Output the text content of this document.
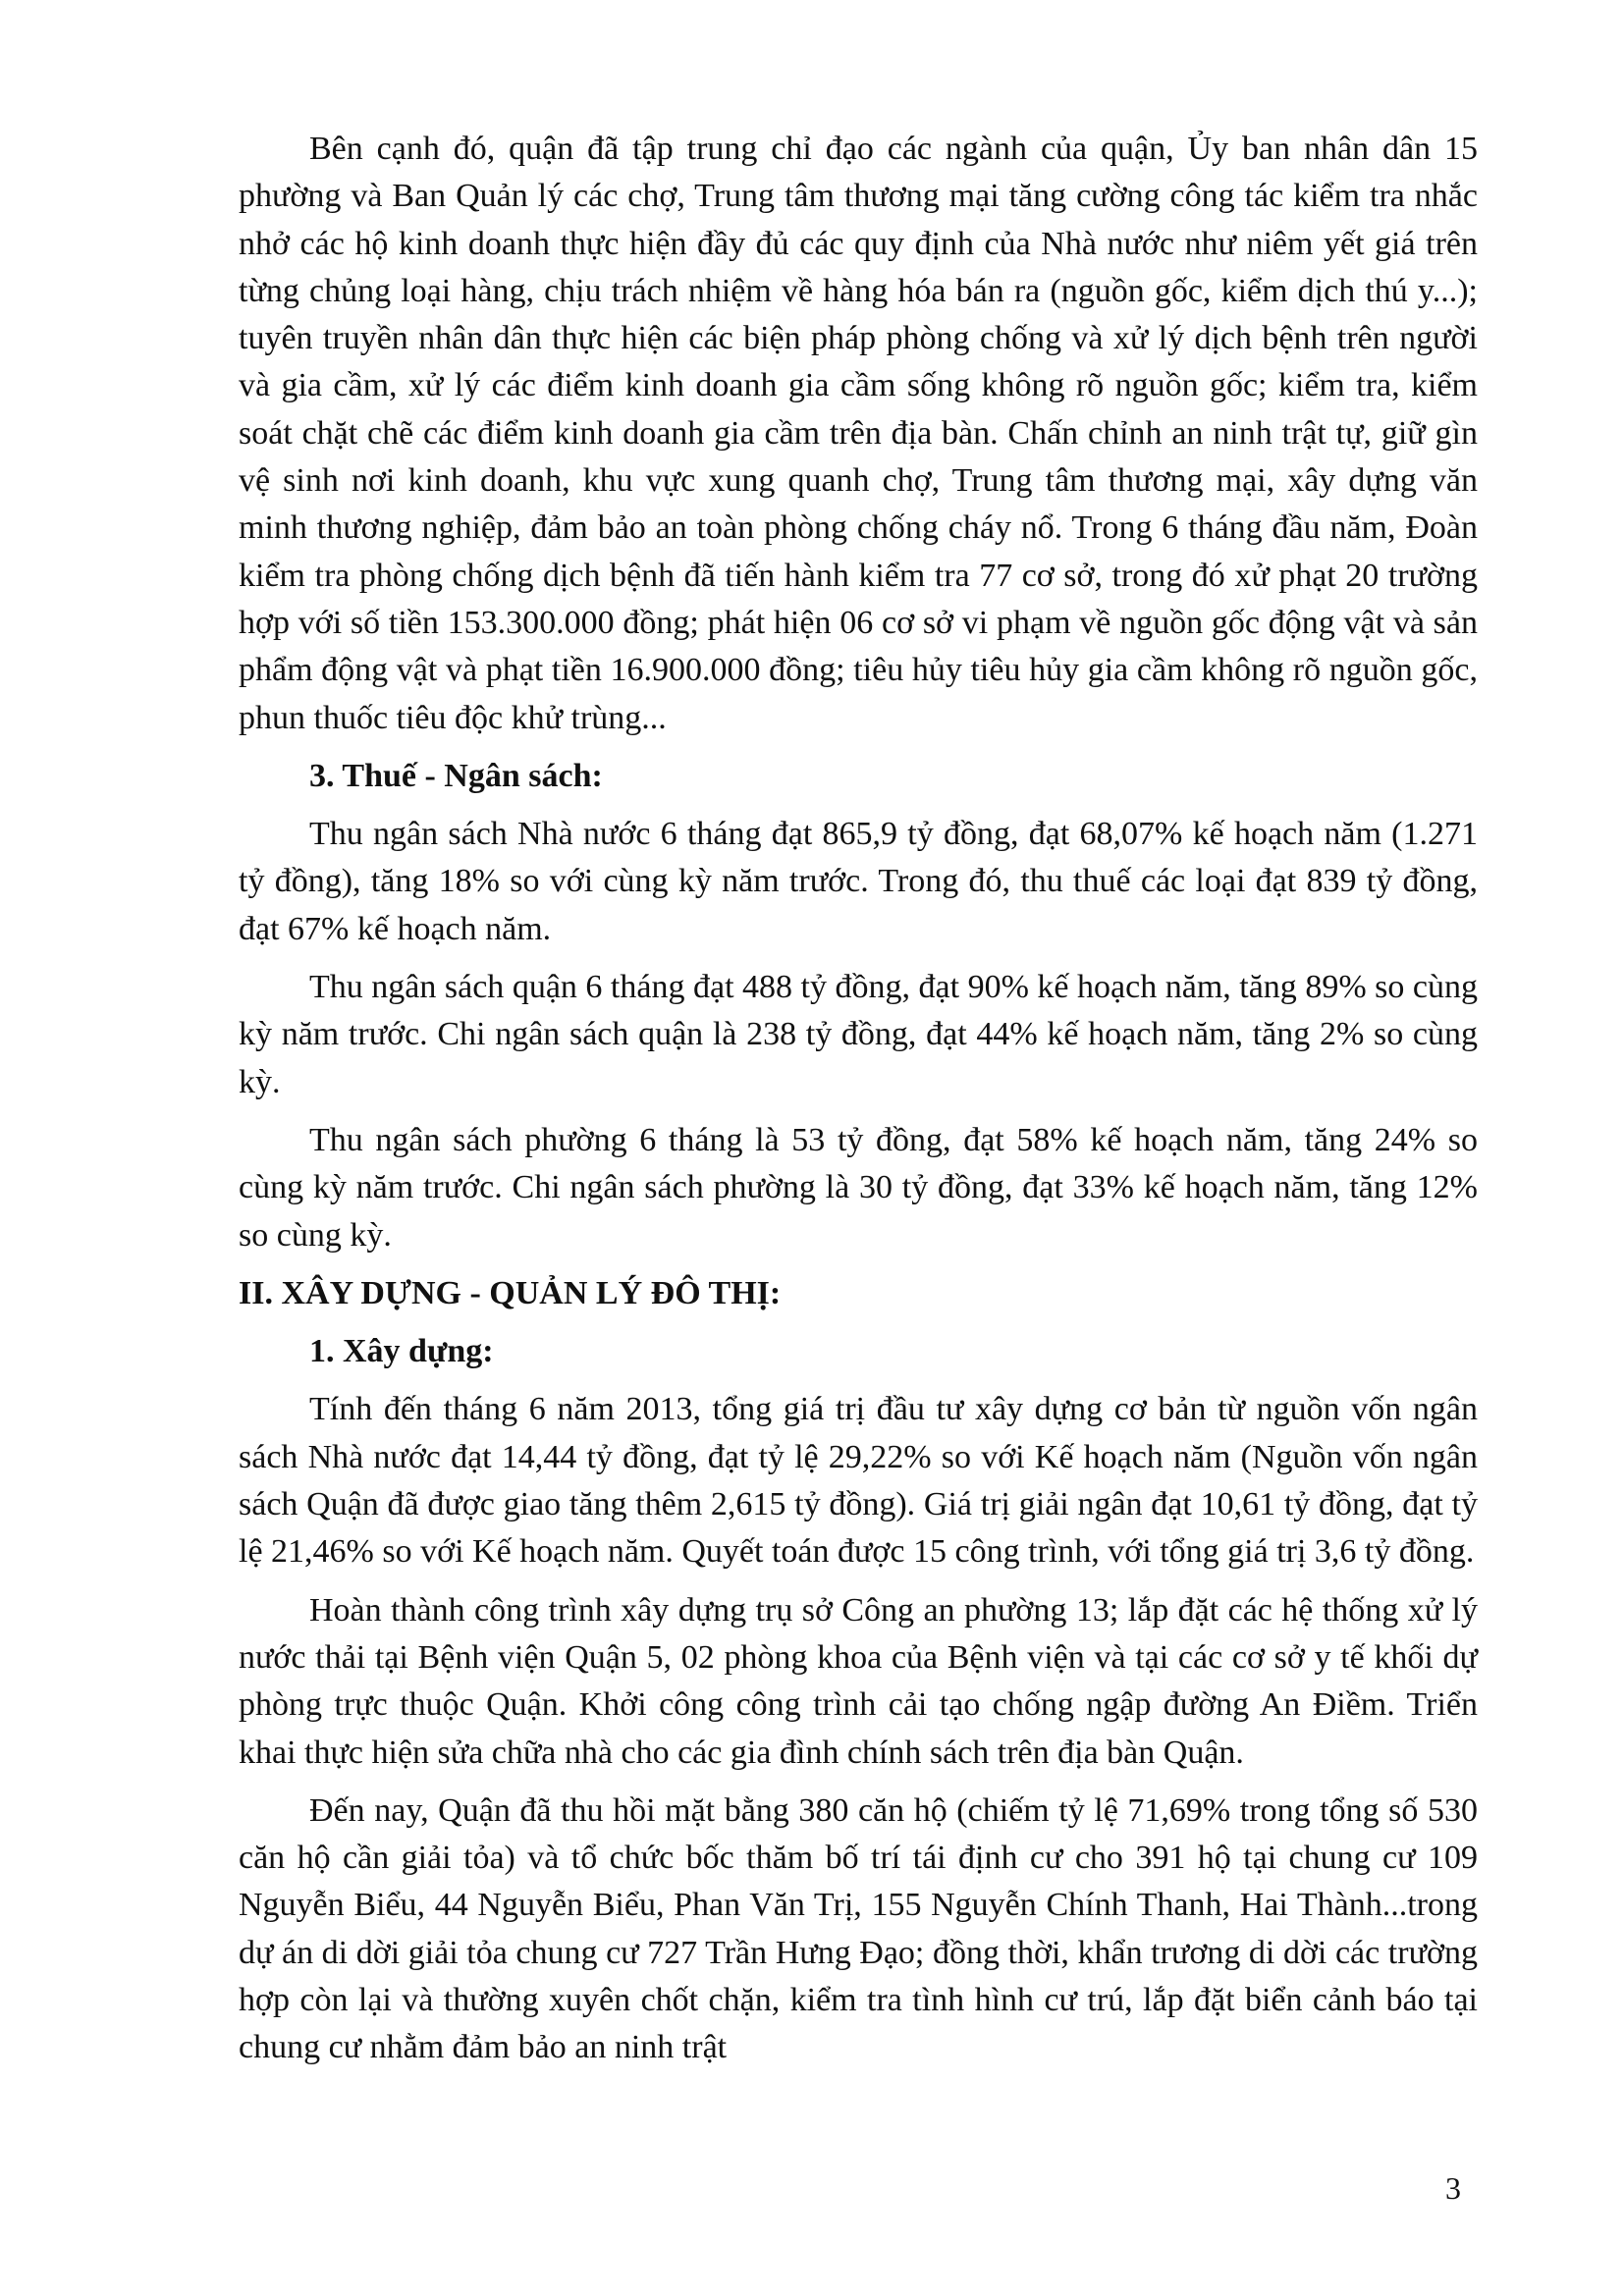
Bên cạnh đó, quận đã tập trung chỉ đạo các ngành của quận, Ủy ban nhân dân 15 phường và Ban Quản lý các chợ, Trung tâm thương mại tăng cường công tác kiểm tra nhắc nhở các hộ kinh doanh thực hiện đầy đủ các quy định của Nhà nước như niêm yết giá trên từng chủng loại hàng, chịu trách nhiệm về hàng hóa bán ra (nguồn gốc, kiểm dịch thú y...); tuyên truyền nhân dân thực hiện các biện pháp phòng chống và xử lý dịch bệnh trên người và gia cầm, xử lý các điểm kinh doanh gia cầm sống không rõ nguồn gốc; kiểm tra, kiểm soát chặt chẽ các điểm kinh doanh gia cầm trên địa bàn. Chấn chỉnh an ninh trật tự, giữ gìn vệ sinh nơi kinh doanh, khu vực xung quanh chợ, Trung tâm thương mại, xây dựng văn minh thương nghiệp, đảm bảo an toàn phòng chống cháy nổ. Trong 6 tháng đầu năm, Đoàn kiểm tra phòng chống dịch bệnh đã tiến hành kiểm tra 77 cơ sở, trong đó xử phạt 20 trường hợp với số tiền 153.300.000 đồng; phát hiện 06 cơ sở vi phạm về nguồn gốc động vật và sản phẩm động vật và phạt tiền 16.900.000 đồng; tiêu hủy tiêu hủy gia cầm không rõ nguồn gốc, phun thuốc tiêu độc khử trùng...

3. Thuế - Ngân sách:

Thu ngân sách Nhà nước 6 tháng đạt 865,9 tỷ đồng, đạt 68,07% kế hoạch năm (1.271 tỷ đồng), tăng 18% so với cùng kỳ năm trước. Trong đó, thu thuế các loại đạt 839 tỷ đồng, đạt 67% kế hoạch năm.

Thu ngân sách quận 6 tháng đạt 488 tỷ đồng, đạt 90% kế hoạch năm, tăng 89% so cùng kỳ năm trước. Chi ngân sách quận là 238 tỷ đồng, đạt 44% kế hoạch năm, tăng 2% so cùng kỳ.

Thu ngân sách phường 6 tháng là 53 tỷ đồng, đạt 58% kế hoạch năm, tăng 24% so cùng kỳ năm trước. Chi ngân sách phường là 30 tỷ đồng, đạt 33% kế hoạch năm, tăng 12% so cùng kỳ.

II. XÂY DỰNG - QUẢN LÝ ĐÔ THỊ:
1. Xây dựng:

Tính đến tháng 6 năm 2013, tổng giá trị đầu tư xây dựng cơ bản từ nguồn vốn ngân sách Nhà nước đạt 14,44 tỷ đồng, đạt tỷ lệ 29,22% so với Kế hoạch năm (Nguồn vốn ngân sách Quận đã được giao tăng thêm 2,615 tỷ đồng). Giá trị giải ngân đạt 10,61 tỷ đồng, đạt tỷ lệ 21,46% so với Kế hoạch năm. Quyết toán được 15 công trình, với tổng giá trị 3,6 tỷ đồng.

Hoàn thành công trình xây dựng trụ sở Công an phường 13; lắp đặt các hệ thống xử lý nước thải tại Bệnh viện Quận 5, 02 phòng khoa của Bệnh viện và tại các cơ sở y tế khối dự phòng trực thuộc Quận. Khởi công công trình cải tạo chống ngập đường An Điềm. Triển khai thực hiện sửa chữa nhà cho các gia đình chính sách trên địa bàn Quận.

Đến nay, Quận đã thu hồi mặt bằng 380 căn hộ (chiếm tỷ lệ 71,69% trong tổng số 530 căn hộ cần giải tỏa) và tổ chức bốc thăm bố trí tái định cư cho 391 hộ tại chung cư 109 Nguyễn Biểu, 44 Nguyễn Biểu, Phan Văn Trị, 155 Nguyễn Chính Thanh, Hai Thành...trong dự án di dời giải tỏa chung cư 727 Trần Hưng Đạo; đồng thời, khẩn trương di dời các trường hợp còn lại và thường xuyên chốt chặn, kiểm tra tình hình cư trú, lắp đặt biển cảnh báo tại chung cư nhằm đảm bảo an ninh trật

3
